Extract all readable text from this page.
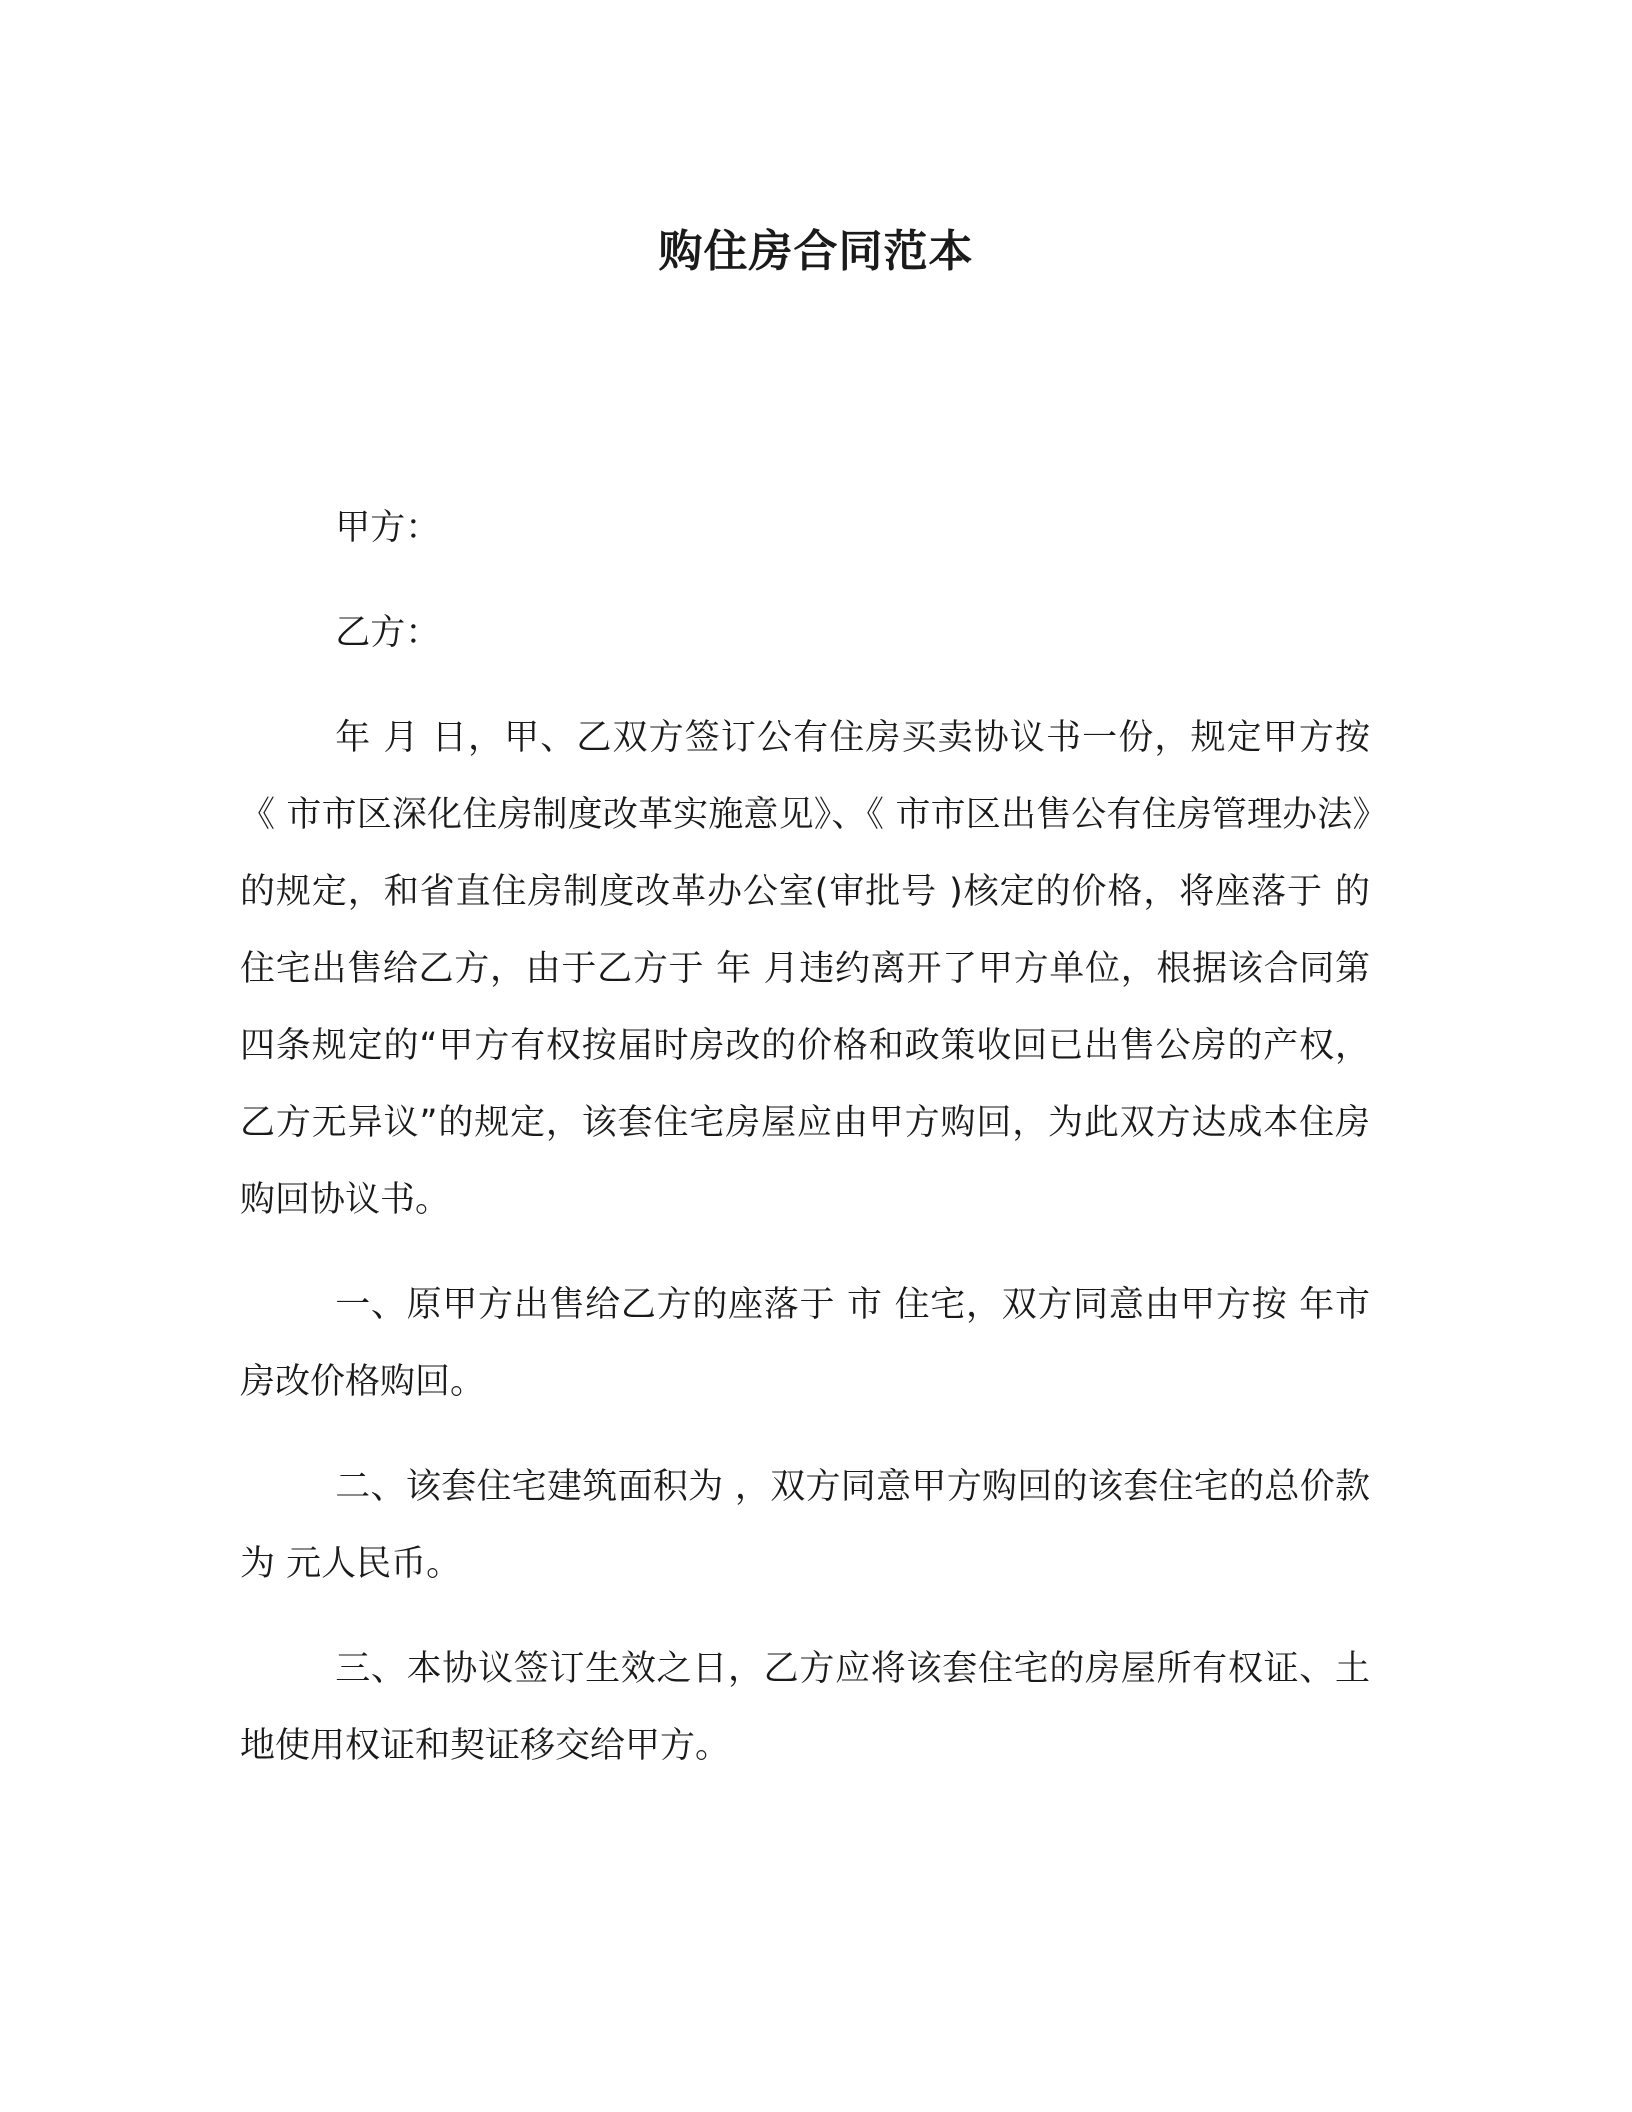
购住房合同范本

甲方：

乙方：

年 月 日，甲、乙双方签订公有住房买卖协议书一份，规定甲方按《 市市区深化住房制度改革实施意见》、《 市市区出售公有住房管理办法》的规定，和省直住房制度改革办公室(审批号 )核定的价格，将座落于 的住宅出售给乙方，由于乙方于 年 月违约离开了甲方单位，根据该合同第四条规定的“甲方有权按届时房改的价格和政策收回已出售公房的产权，乙方无异议”的规定，该套住宅房屋应由甲方购回，为此双方达成本住房购回协议书。

一、原甲方出售给乙方的座落于 市 住宅，双方同意由甲方按 年市房改价格购回。

二、该套住宅建筑面积为 ，双方同意甲方购回的该套住宅的总价款为 元人民币。

三、本协议签订生效之日，乙方应将该套住宅的房屋所有权证、土地使用权证和契证移交给甲方。
